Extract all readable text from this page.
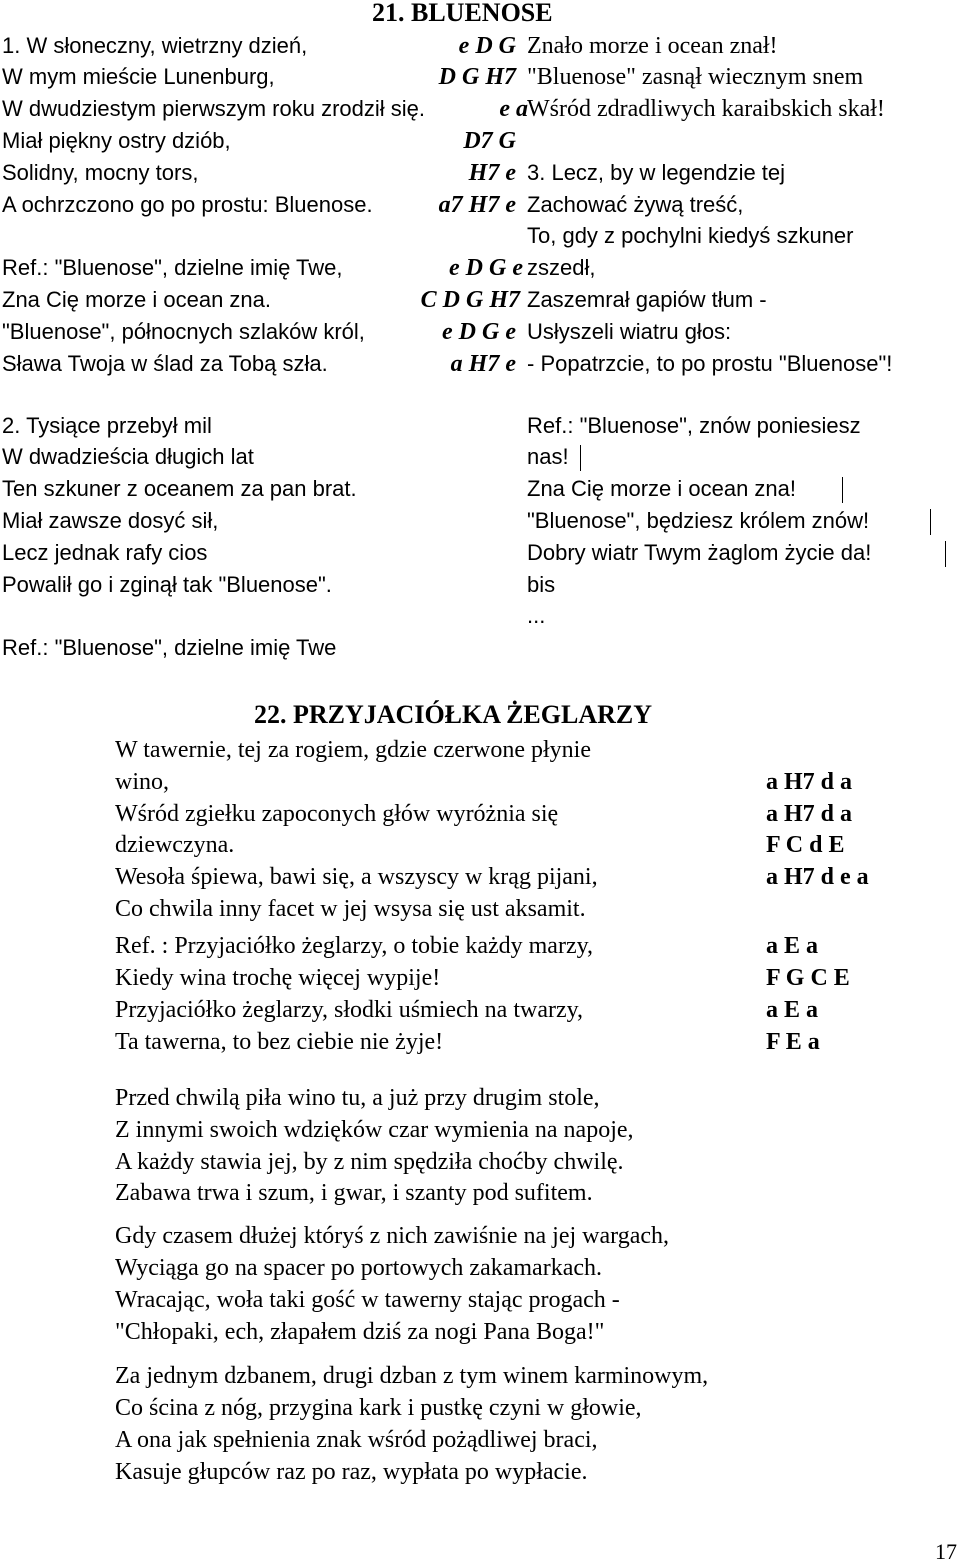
21. BLUENOSE
1. W słoneczny, wietrzny dzień,
W mym mieście Lunenburg,
W dwudziestym pierwszym roku zrodził się.
Miał piękny ostry dziób,
Solidny, mocny tors,
A ochrzczono go po prostu: Bluenose.
Ref.: "Bluenose", dzielne imię Twe,
Zna Cię morze i ocean zna.
"Bluenose", północnych szlaków król,
Sława Twoja w ślad za Tobą szła.
e D G
D G H7
e a
D7 G
H7 e
a7 H7 e
e D G e
C D G H7
e D G e
a H7 e
Znało morze i ocean znał!
"Bluenose" zasnął wiecznym snem
Wśród zdradliwych karaibskich skał!
3. Lecz, by w legendzie tej
Zachować żywą treść,
To, gdy z pochylni kiedyś szkuner
zszedł,
Zaszemrał gapiów tłum -
Usłyszeli wiatru głos:
- Popatrzcie, to po prostu "Bluenose"!
2. Tysiące przebył mil
W dwadzieścia długich lat
Ten szkuner z oceanem za pan brat.
Miał zawsze dosyć sił,
Lecz jednak rafy cios
Powalił go i zginął tak "Bluenose".
Ref.: "Bluenose", dzielne imię Twe
Ref.: "Bluenose", znów poniesiesz
nas!
Zna Cię morze i ocean zna!
"Bluenose", będziesz królem znów!
Dobry wiatr Twym żaglom życie da!
bis
...
22. PRZYJACIÓŁKA ŻEGLARZY
W tawernie, tej za rogiem, gdzie czerwone płynie
wino,
Wśród zgiełku zapoconych głów wyróżnia się
dziewczyna.
Wesoła śpiewa, bawi się, a wszyscy w krąg pijani,
Co chwila inny facet w jej wsysa się ust aksamit.
a H7 d a
a H7 d a
F C d E
a H7 d e a
Ref. : Przyjaciółko żeglarzy, o tobie każdy marzy,
Kiedy wina trochę więcej wypije!
Przyjaciółko żeglarzy, słodki uśmiech na twarzy,
Ta tawerna, to bez ciebie nie żyje!
a E a
F G C E
a E a
F E a
Przed chwilą piła wino tu, a już przy drugim stole,
Z innymi swoich wdzięków czar wymienia na napoje,
A każdy stawia jej, by z nim spędziła choćby chwilę.
Zabawa trwa i szum, i gwar, i szanty pod sufitem.
Gdy czasem dłużej któryś z nich zawiśnie na jej wargach,
Wyciąga go na spacer po portowych zakamarkach.
Wracając, woła taki gość w tawerny stając progach -
"Chłopaki, ech, złapałem dziś za nogi Pana Boga!"
Za jednym dzbanem, drugi dzban z tym winem karminowym,
Co ścina z nóg, przygina kark i pustkę czyni w głowie,
A ona jak spełnienia znak wśród pożądliwej braci,
Kasuje głupców raz po raz, wypłata po wypłacie.
17
